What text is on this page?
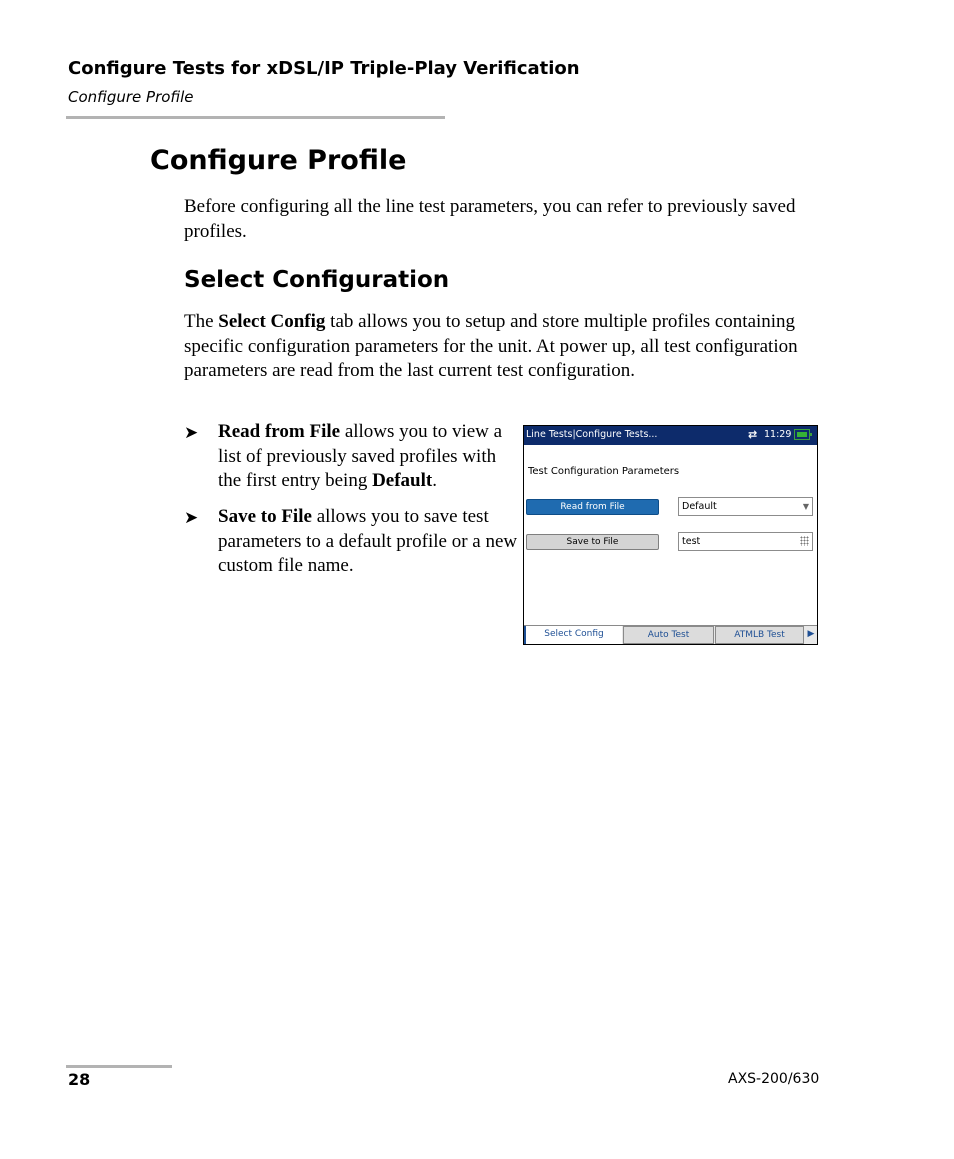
Configure Tests for xDSL/IP Triple-Play Verification
Configure Profile
Configure Profile
Before configuring all the line test parameters, you can refer to previously saved profiles.
Select Configuration
The Select Config tab allows you to setup and store multiple profiles containing specific configuration parameters for the unit. At power up, all test configuration parameters are read from the last current test configuration.
➤ Read from File allows you to view a list of previously saved profiles with the first entry being Default.
➤ Save to File allows you to save test parameters to a default profile or a new custom file name.
Line Tests|Configure Tests...	⇄ 11:29
Test Configuration Parameters
Read from File	Default	▼
Save to File	test
Select Config	Auto Test	ATMLB Test	▶
28	AXS-200/630
